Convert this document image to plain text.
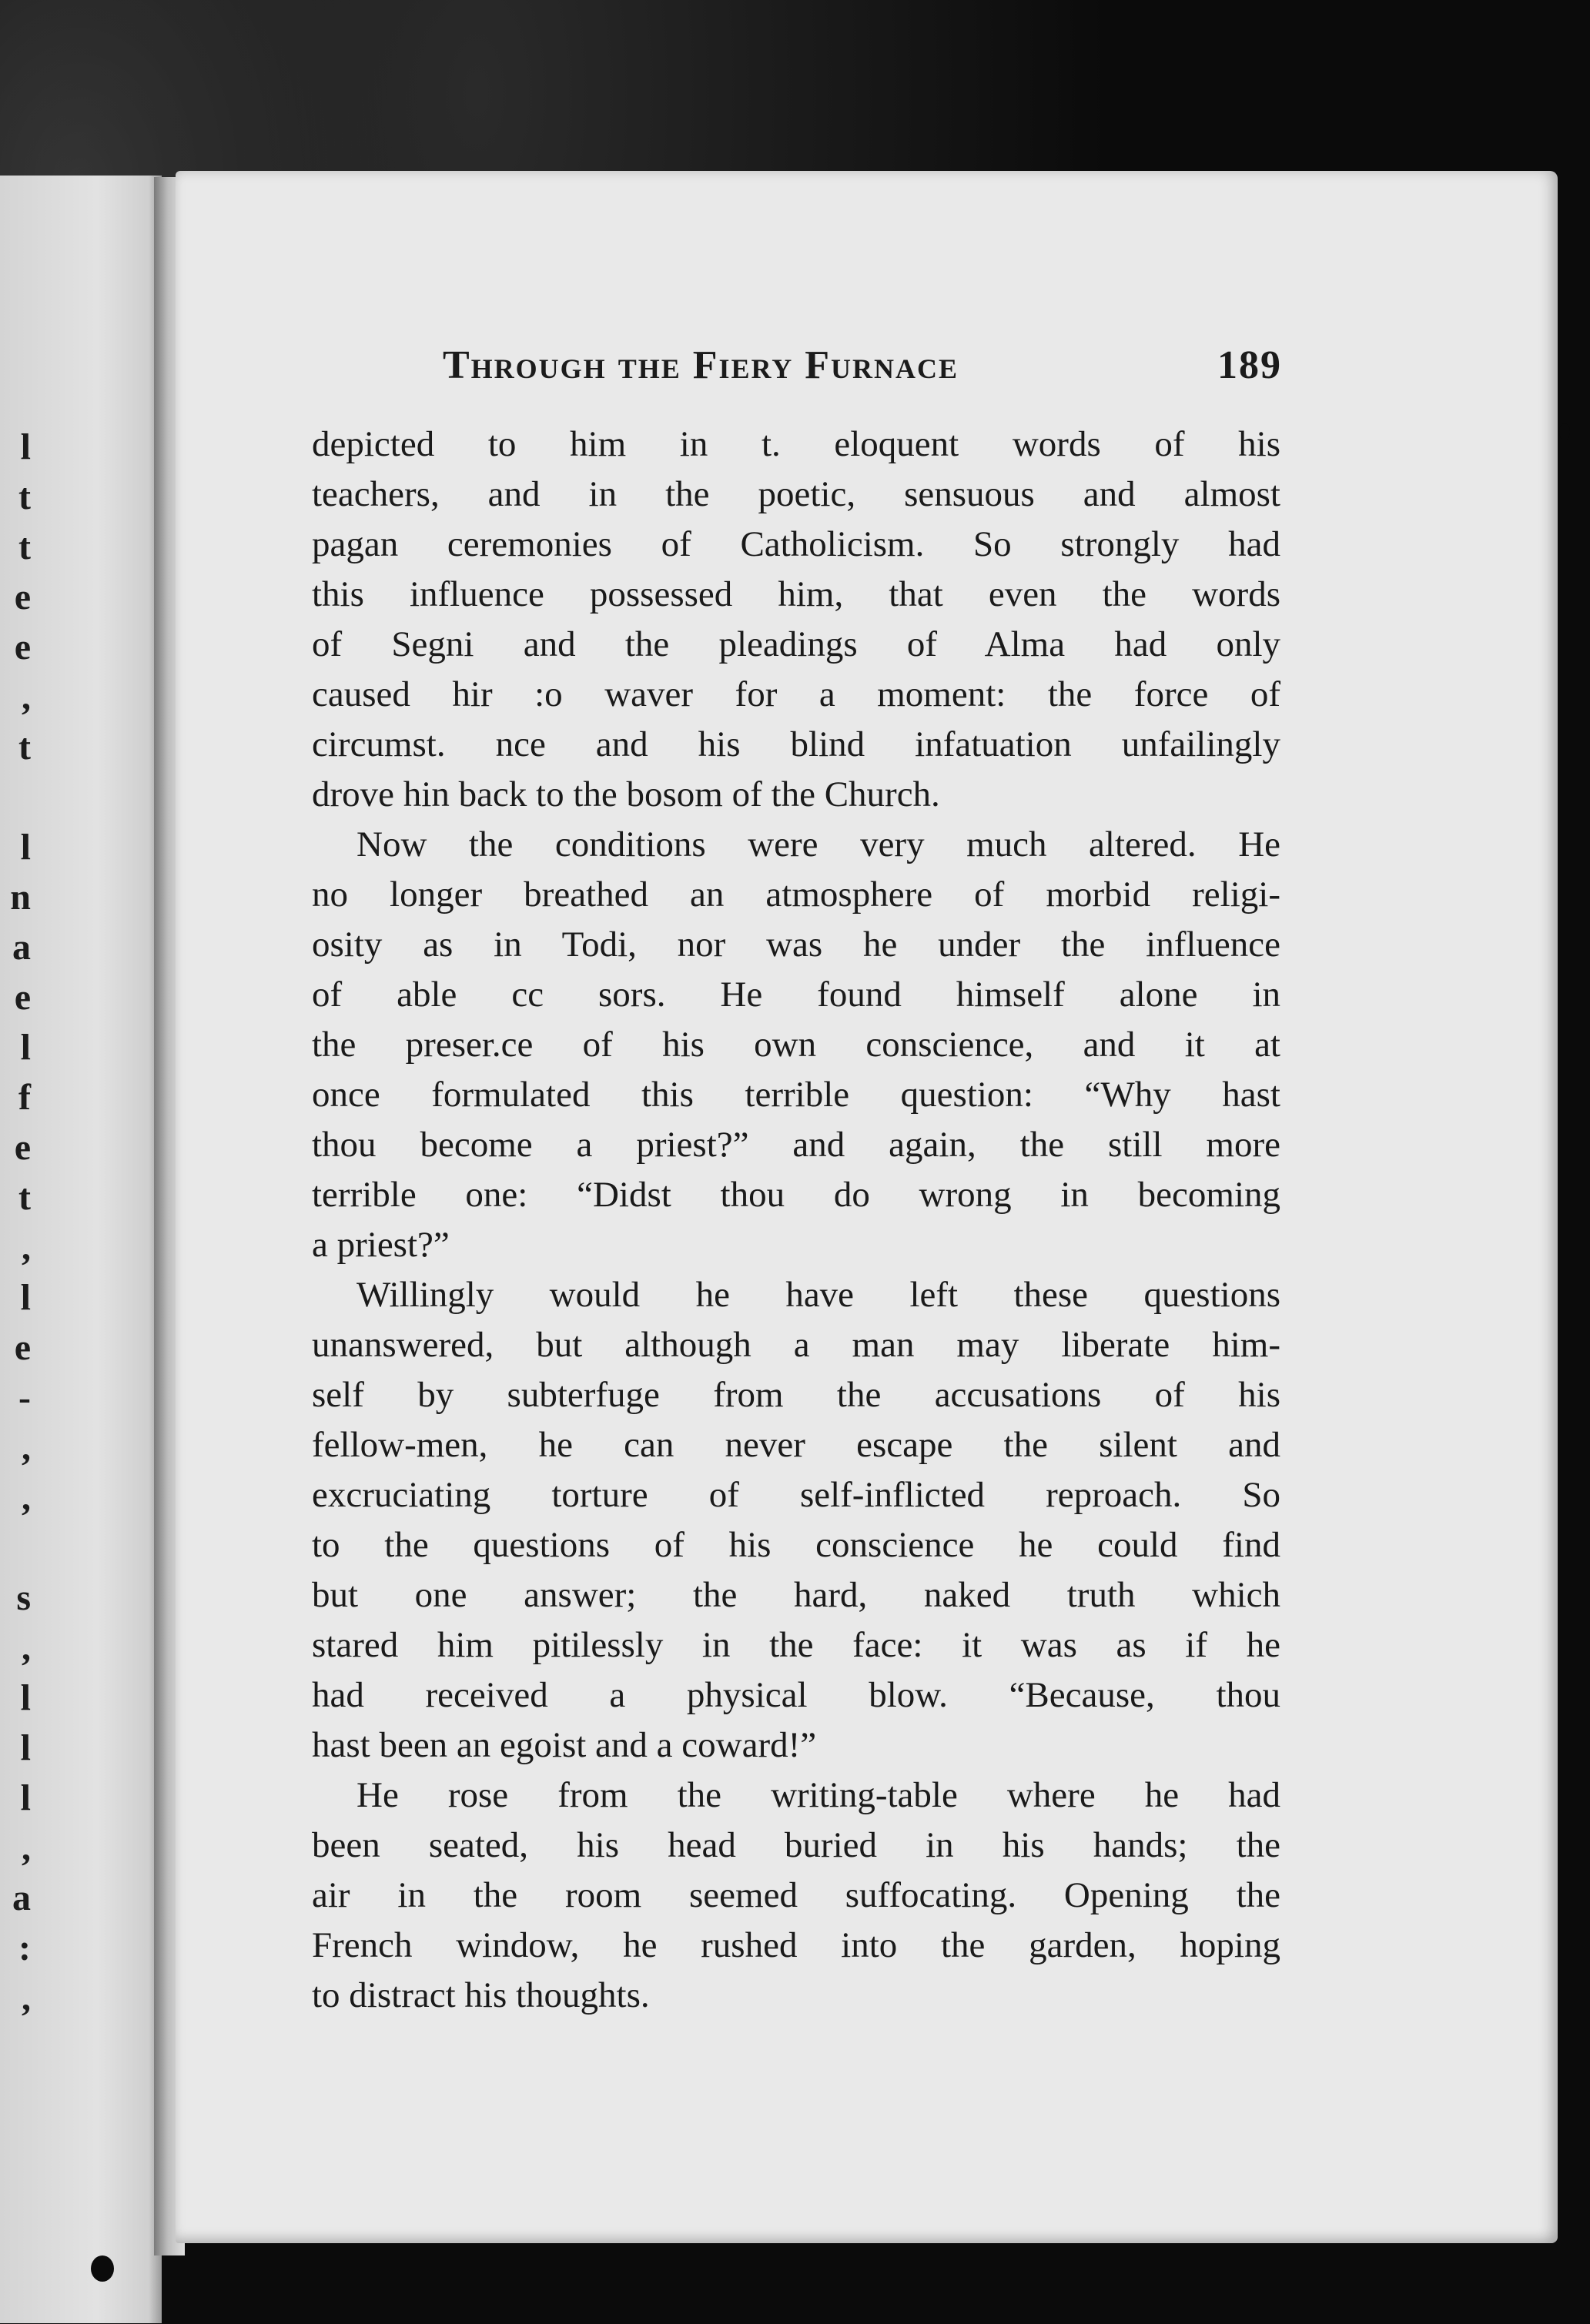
l
t
t
e
e
,
t
l
n
a
e
l
f
e
t
,
l
e
-
,
,
s
,
l
l
l
,
a
:
,
Through the Fiery Furnace	189
depicted to him in t. eloquent words of his
teachers, and in the poetic, sensuous and almost
pagan ceremonies of Catholicism. So strongly had
this influence possessed him, that even the words
of Segni and the pleadings of Alma had only
caused hir :o waver for a moment: the force of
circumst. nce and his blind infatuation unfailingly
drove hin back to the bosom of the Church.
Now the conditions were very much altered. He
no longer breathed an atmosphere of morbid religi-
osity as in Todi, nor was he under the influence
of able cc sors. He found himself alone in
the preser.ce of his own conscience, and it at
once formulated this terrible question: “Why hast
thou become a priest?” and again, the still more
terrible one: “Didst thou do wrong in becoming
a priest?”
Willingly would he have left these questions
unanswered, but although a man may liberate him-
self by subterfuge from the accusations of his
fellow-men, he can never escape the silent and
excruciating torture of self-inflicted reproach. So
to the questions of his conscience he could find
but one answer; the hard, naked truth which
stared him pitilessly in the face: it was as if he
had received a physical blow. “Because, thou
hast been an egoist and a coward!”
He rose from the writing-table where he had
been seated, his head buried in his hands; the
air in the room seemed suffocating. Opening the
French window, he rushed into the garden, hoping
to distract his thoughts.
